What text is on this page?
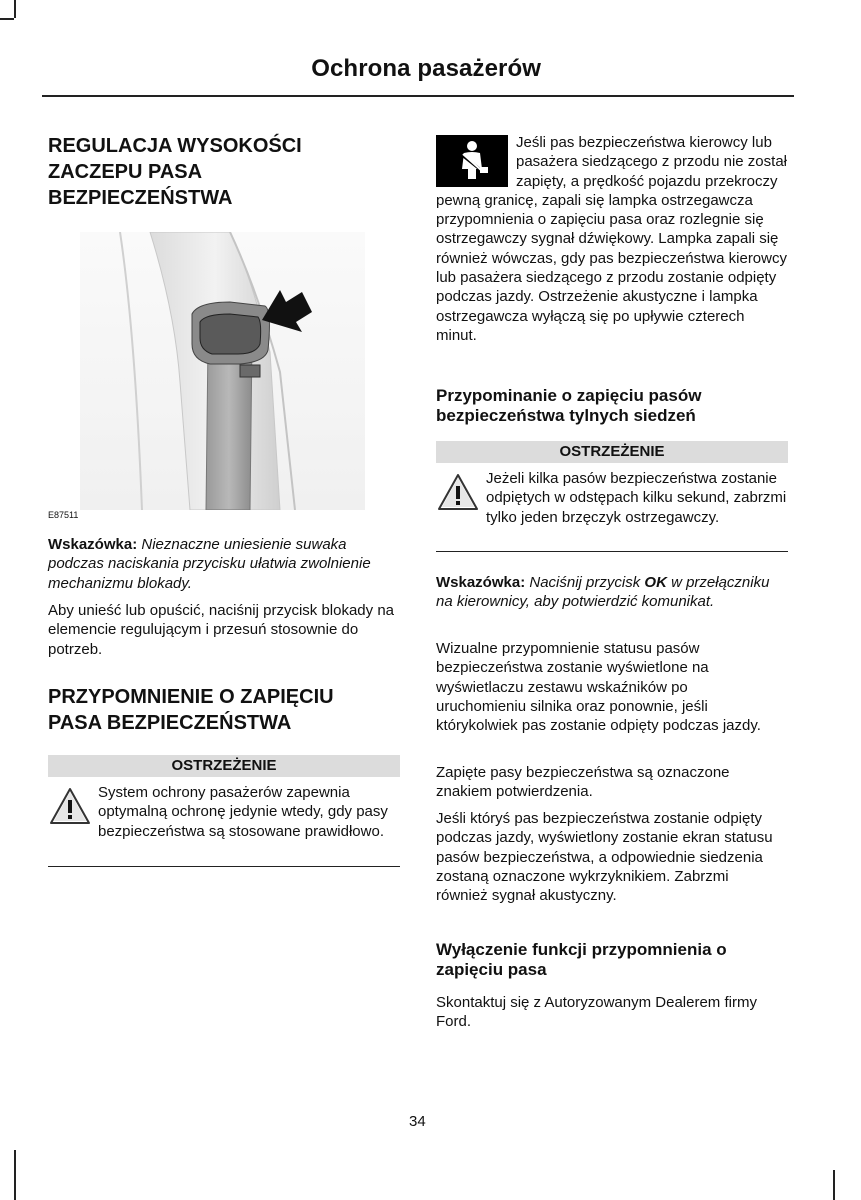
Ochrona pasażerów
REGULACJA WYSOKOŚCI ZACZEPU PASA BEZPIECZEŃSTWA
E87511

Wskazówka: Nieznaczne uniesienie suwaka podczas naciskania przycisku ułatwia zwolnienie mechanizmu blokady.

Aby unieść lub opuścić, naciśnij przycisk blokady na elemencie regulującym i przesuń stosownie do potrzeb.

PRZYPOMNIENIE O ZAPIĘCIU PASA BEZPIECZEŃSTWA
OSTRZEŻENIE
System ochrony pasażerów zapewnia optymalną ochronę jedynie wtedy, gdy pasy bezpieczeństwa są stosowane prawidłowo.
Jeśli pas bezpieczeństwa kierowcy lub pasażera siedzącego z przodu nie został zapięty, a prędkość pojazdu przekroczy pewną granicę, zapali się lampka ostrzegawcza przypomnienia o zapięciu pasa oraz rozlegnie się ostrzegawczy sygnał dźwiękowy. Lampka zapali się również wówczas, gdy pas bezpieczeństwa kierowcy lub pasażera siedzącego z przodu zostanie odpięty podczas jazdy. Ostrzeżenie akustyczne i lampka ostrzegawcza wyłączą się po upływie czterech minut.
Przypominanie o zapięciu pasów bezpieczeństwa tylnych siedzeń
OSTRZEŻENIE
Jeżeli kilka pasów bezpieczeństwa zostanie odpiętych w odstępach kilku sekund, zabrzmi tylko jeden brzęczyk ostrzegawczy.

Wskazówka: Naciśnij przycisk OK w przełączniku na kierownicy, aby potwierdzić komunikat.

Wizualne przypomnienie statusu pasów bezpieczeństwa zostanie wyświetlone na wyświetlaczu zestawu wskaźników po uruchomieniu silnika oraz ponownie, jeśli którykolwiek pas zostanie odpięty podczas jazdy.

Zapięte pasy bezpieczeństwa są oznaczone znakiem potwierdzenia.

Jeśli któryś pas bezpieczeństwa zostanie odpięty podczas jazdy, wyświetlony zostanie ekran statusu pasów bezpieczeństwa, a odpowiednie siedzenia zostaną oznaczone wykrzyknikiem. Zabrzmi również sygnał akustyczny.

Wyłączenie funkcji przypomnienia o zapięciu pasa

Skontaktuj się z Autoryzowanym Dealerem firmy Ford.

34
